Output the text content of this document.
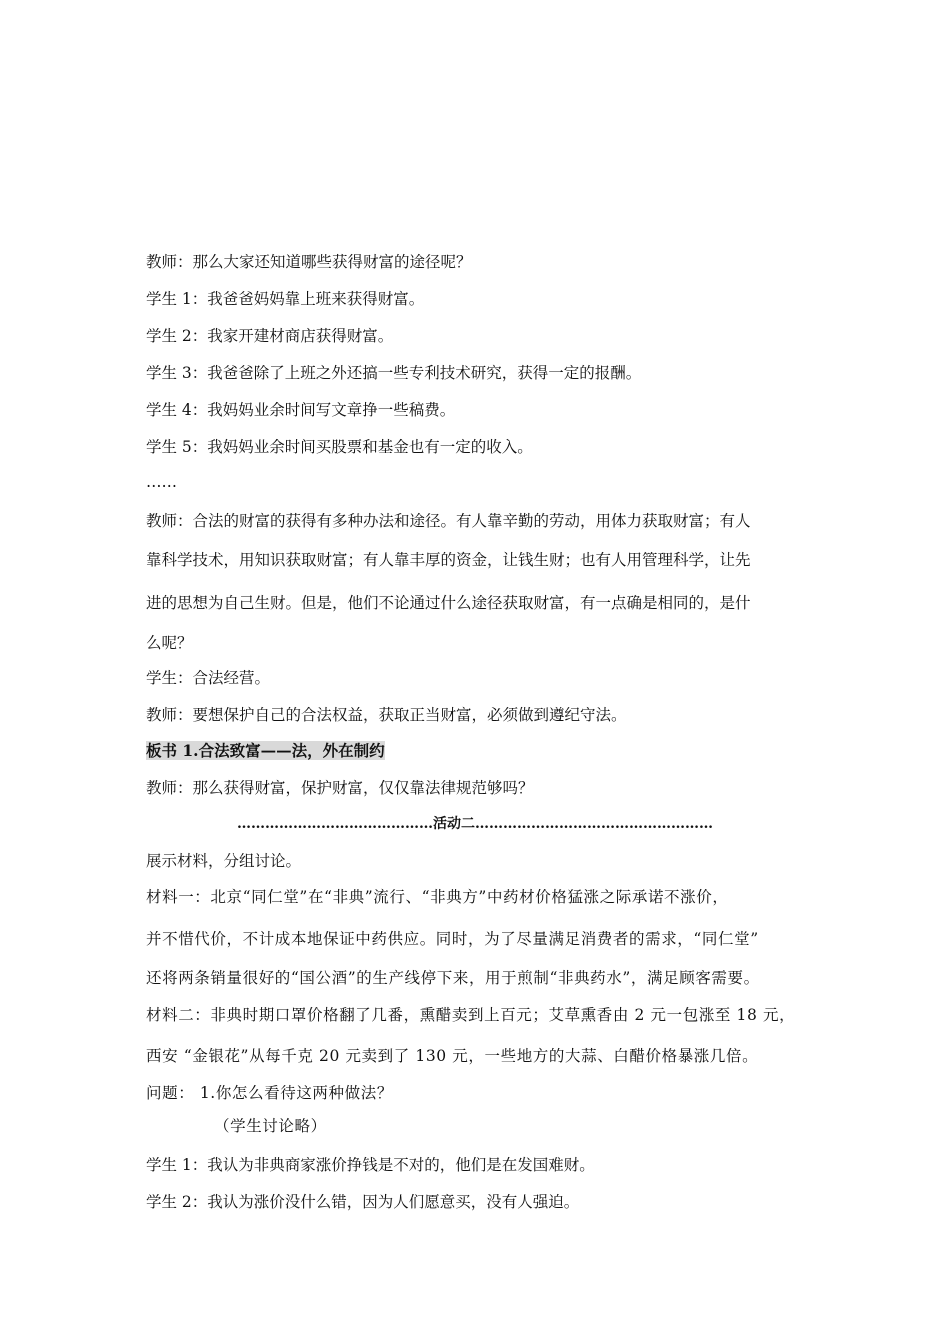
教师：那么大家还知道哪些获得财富的途径呢？
学生 1：我爸爸妈妈靠上班来获得财富。
学生 2：我家开建材商店获得财富。
学生 3：我爸爸除了上班之外还搞一些专利技术研究，获得一定的报酬。
学生 4：我妈妈业余时间写文章挣一些稿费。
学生 5：我妈妈业余时间买股票和基金也有一定的收入。
……
教师：合法的财富的获得有多种办法和途径。有人靠辛勤的劳动，用体力获取财富；有人
靠科学技术，用知识获取财富；有人靠丰厚的资金，让钱生财；也有人用管理科学，让先
进的思想为自己生财。但是，他们不论通过什么途径获取财富，有一点确是相同的，是什
么呢？
学生：合法经营。
教师：要想保护自己的合法权益，获取正当财富，必须做到遵纪守法。
板书 1.合法致富——法，外在制约
教师：那么获得财富，保护财富，仅仅靠法律规范够吗？
……………………………………活动二……………………………………………
展示材料，分组讨论。
材料一：北京“同仁堂”在“非典”流行、“非典方”中药材价格猛涨之际承诺不涨价，
并不惜代价，不计成本地保证中药供应。同时，为了尽量满足消费者的需求，“同仁堂”
还将两条销量很好的“国公酒”的生产线停下来，用于煎制“非典药水”，满足顾客需要。
材料二：非典时期口罩价格翻了几番，熏醋卖到上百元；艾草熏香由 2 元一包涨至 18 元，
西安 “金银花”从每千克 20 元卖到了 130 元，一些地方的大蒜、白醋价格暴涨几倍。
问题： 1.你怎么看待这两种做法？
（学生讨论略）
学生 1：我认为非典商家涨价挣钱是不对的，他们是在发国难财。
学生 2：我认为涨价没什么错，因为人们愿意买，没有人强迫。
